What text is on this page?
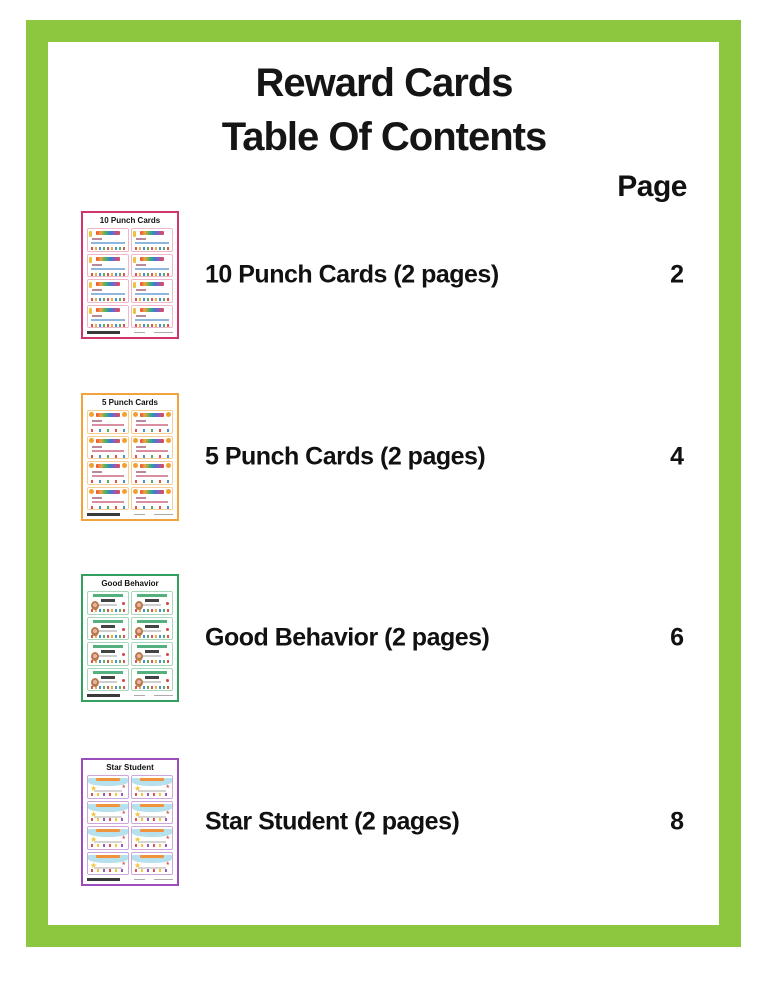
Reward Cards
Table Of Contents
Page
10 Punch Cards
10 Punch Cards (2 pages)	2
5 Punch Cards
5 Punch Cards (2 pages)	4
Good Behavior
Good Behavior (2 pages)	6
Star Student
★	★ ★	★
★	★ ★	★
★	★ ★	★
★	★ ★	★
Star Student (2 pages)	8
